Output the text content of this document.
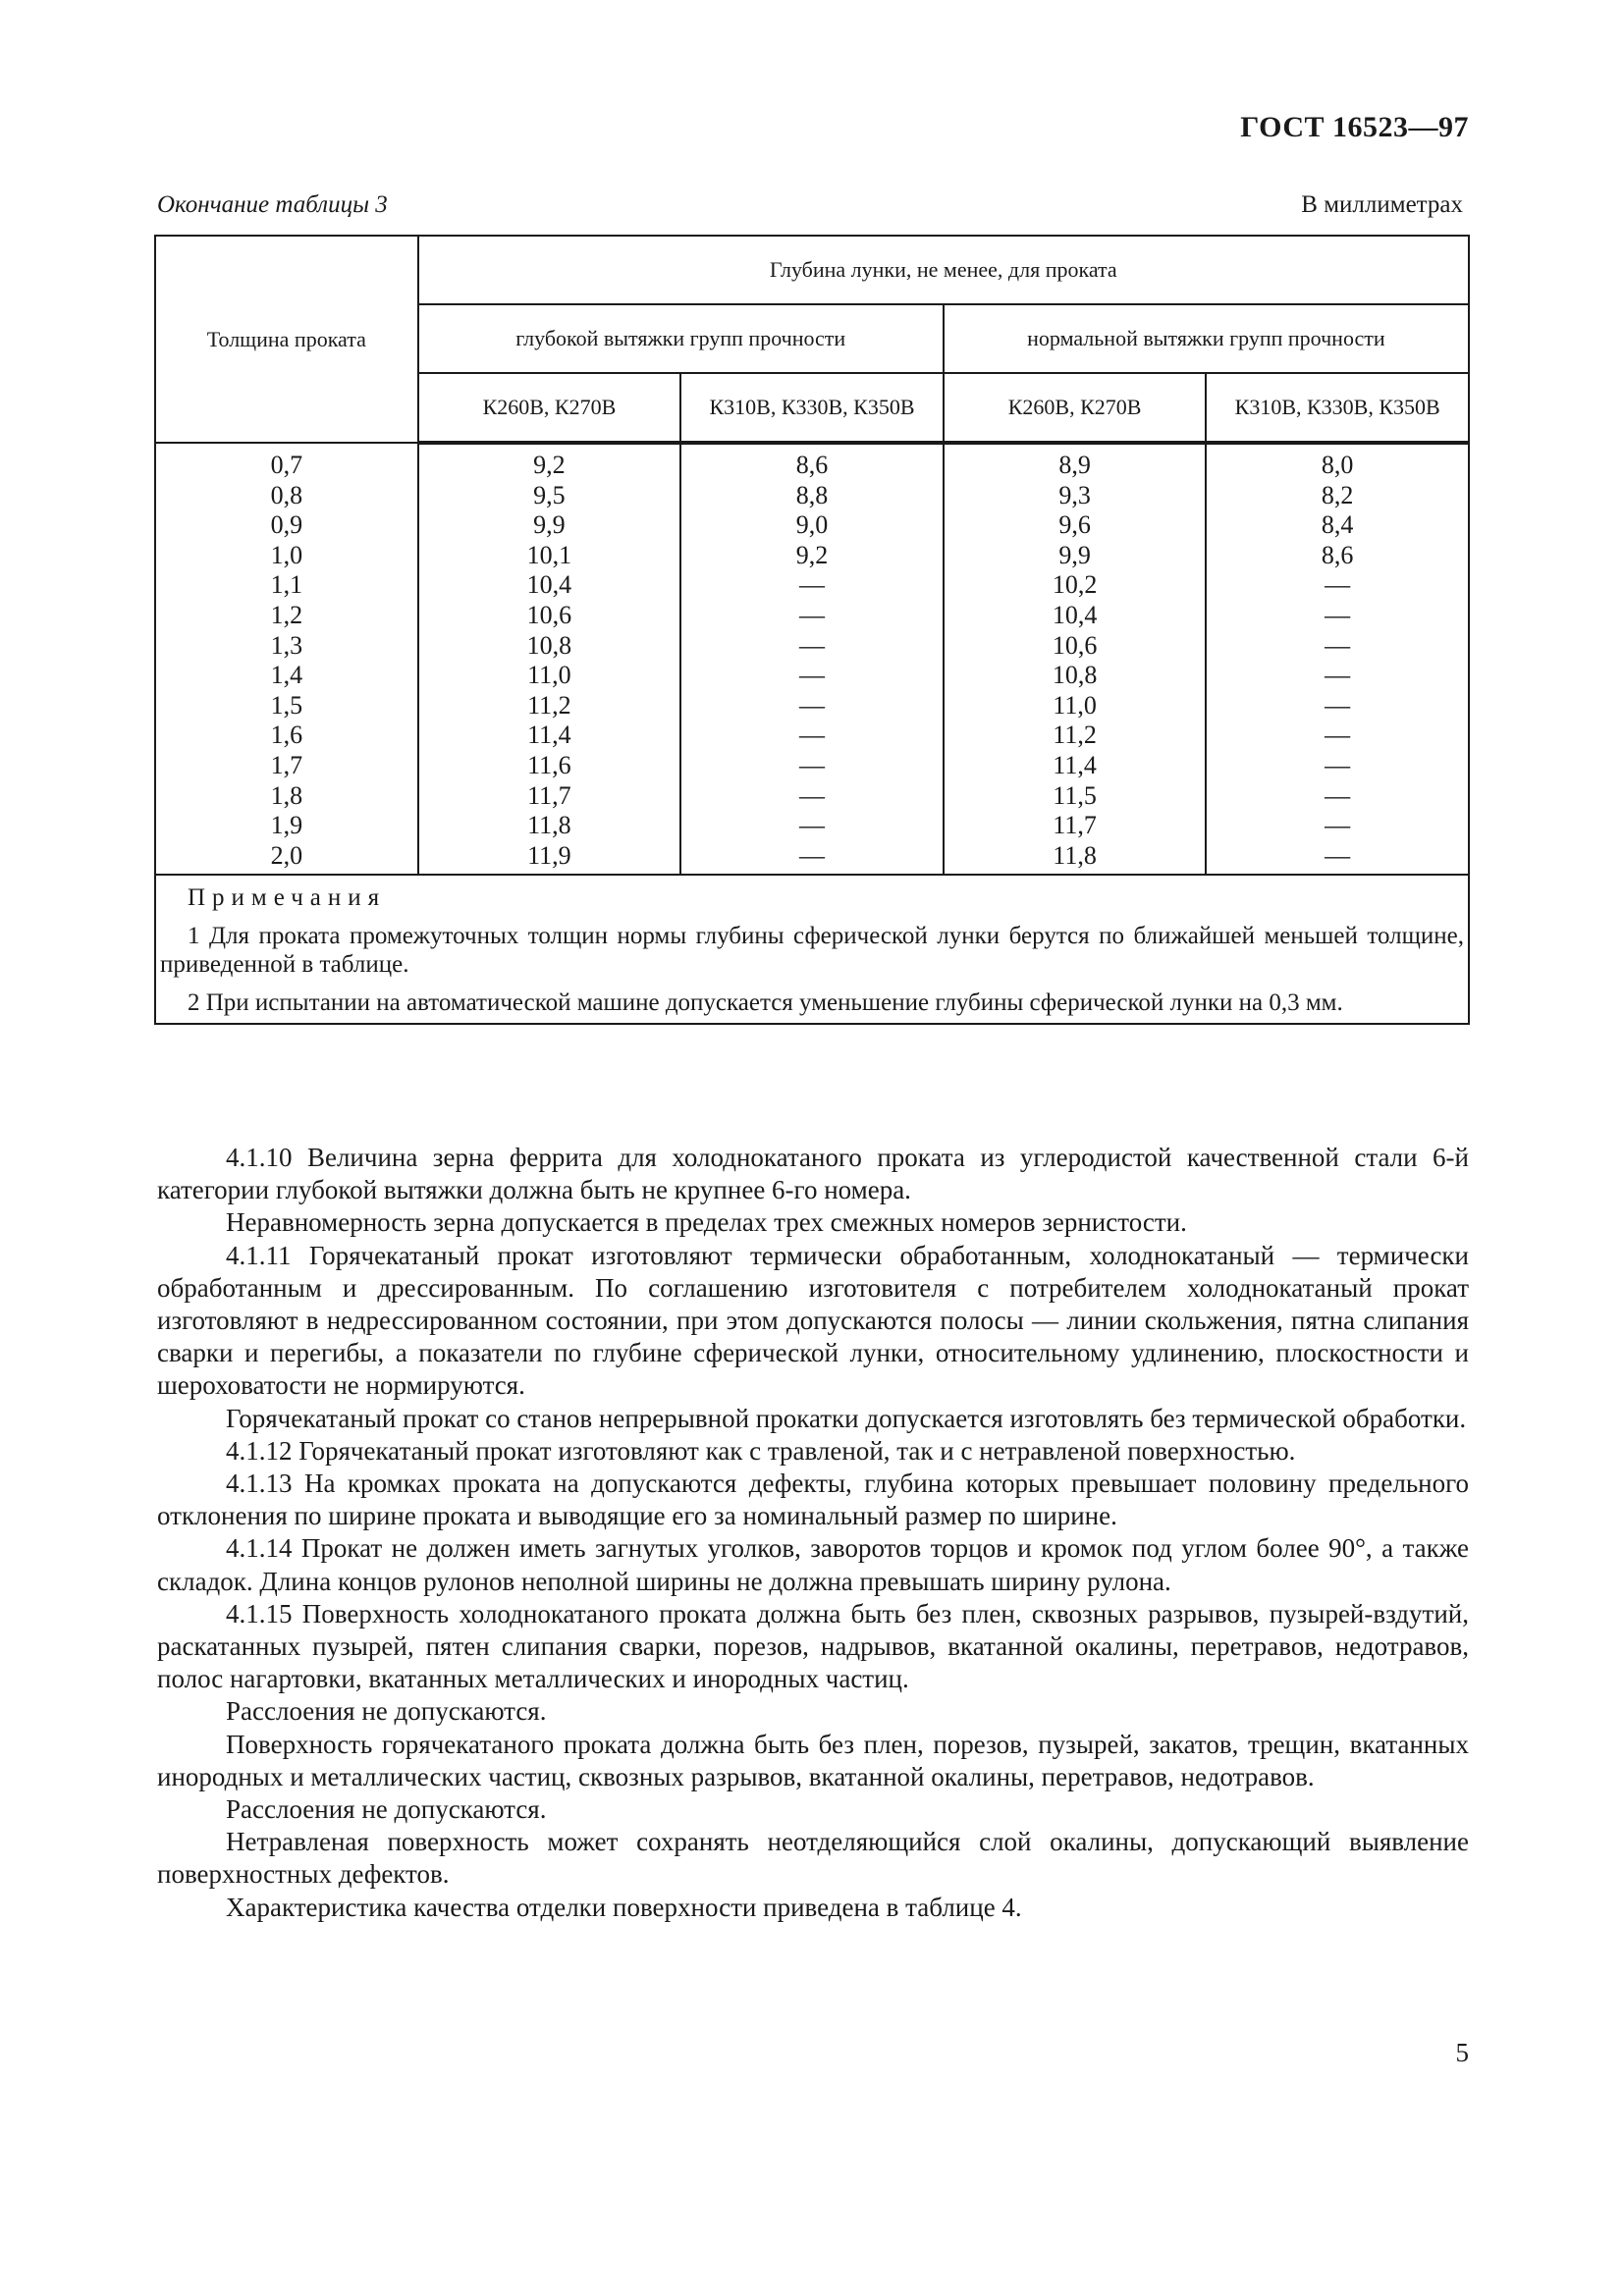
ГОСТ 16523—97
Окончание таблицы 3	В миллиметрах
Толщина проката	Глубина лунки, не менее, для проката			
	глубокой вытяжки групп прочности		нормальной вытяжки групп прочности	
	К260В, К270В	К310В, К330В, К350В	К260В, К270В	К310В, К330В, К350В
0,7	9,2	8,6	8,9	8,0
0,8	9,5	8,8	9,3	8,2
0,9	9,9	9,0	9,6	8,4
1,0	10,1	9,2	9,9	8,6
1,1	10,4	—	10,2	—
1,2	10,6	—	10,4	—
1,3	10,8	—	10,6	—
1,4	11,0	—	10,8	—
1,5	11,2	—	11,0	—
1,6	11,4	—	11,2	—
1,7	11,6	—	11,4	—
1,8	11,7	—	11,5	—
1,9	11,8	—	11,7	—
2,0	11,9	—	11,8	—

Примечания
1 Для проката промежуточных толщин нормы глубины сферической лунки берутся по ближайшей меньшей толщине, приведенной в таблице.
2 При испытании на автоматической машине допускается уменьшение глубины сферической лунки на 0,3 мм.				

4.1.10 Величина зерна феррита для холоднокатаного проката из углеродистой качественной стали 6-й категории глубокой вытяжки должна быть не крупнее 6-го номера.

Неравномерность зерна допускается в пределах трех смежных номеров зернистости.

4.1.11 Горячекатаный прокат изготовляют термически обработанным, холоднокатаный — термически обработанным и дрессированным. По соглашению изготовителя с потребителем холоднокатаный прокат изготовляют в недрессированном состоянии, при этом допускаются полосы — линии скольжения, пятна слипания сварки и перегибы, а показатели по глубине сферической лунки, относительному удлинению, плоскостности и шероховатости не нормируются.

Горячекатаный прокат со станов непрерывной прокатки допускается изготовлять без термической обработки.

4.1.12 Горячекатаный прокат изготовляют как с травленой, так и с нетравленой поверхностью.

4.1.13 На кромках проката на допускаются дефекты, глубина которых превышает половину предельного отклонения по ширине проката и выводящие его за номинальный размер по ширине.

4.1.14 Прокат не должен иметь загнутых уголков, заворотов торцов и кромок под углом более 90°, а также складок. Длина концов рулонов неполной ширины не должна превышать ширину рулона.

4.1.15 Поверхность холоднокатаного проката должна быть без плен, сквозных разрывов, пузырей-вздутий, раскатанных пузырей, пятен слипания сварки, порезов, надрывов, вкатанной окалины, перетравов, недотравов, полос нагартовки, вкатанных металлических и инородных частиц.

Расслоения не допускаются.

Поверхность горячекатаного проката должна быть без плен, порезов, пузырей, закатов, трещин, вкатанных инородных и металлических частиц, сквозных разрывов, вкатанной окалины, перетравов, недотравов.

Расслоения не допускаются.

Нетравленая поверхность может сохранять неотделяющийся слой окалины, допускающий выявление поверхностных дефектов.

Характеристика качества отделки поверхности приведена в таблице 4.

5
